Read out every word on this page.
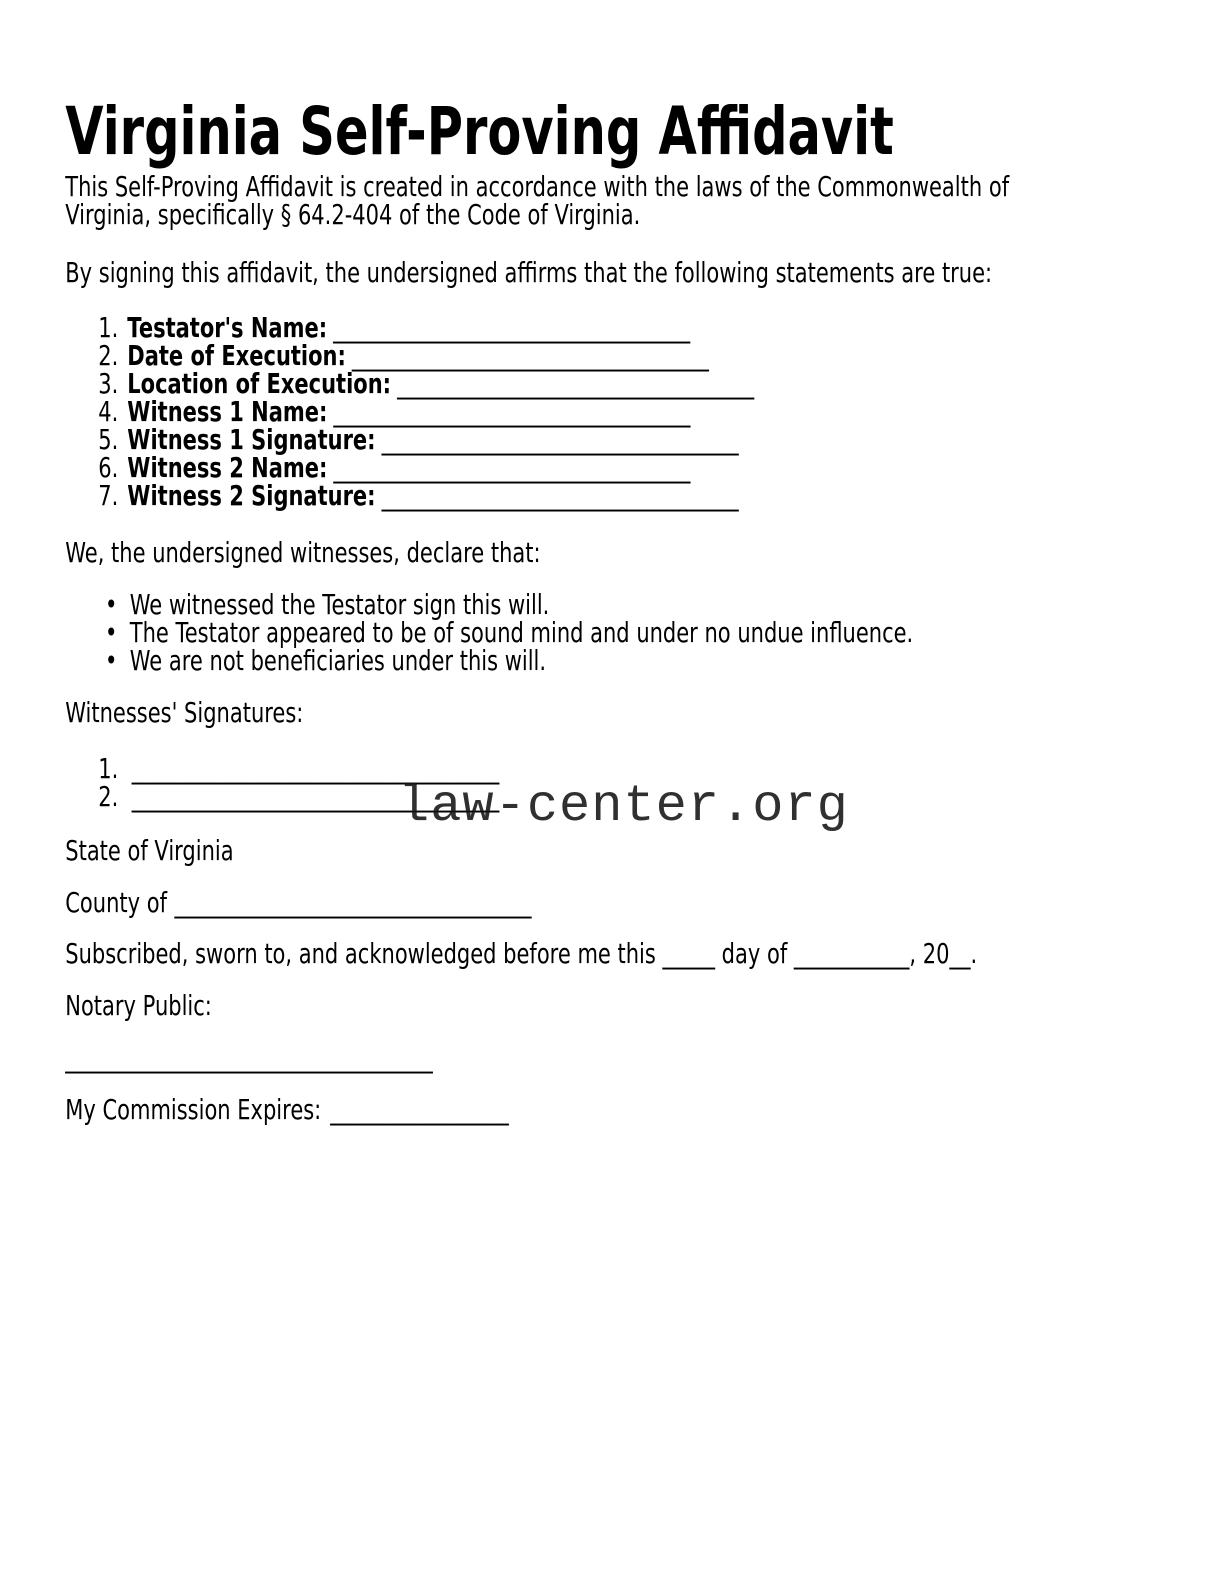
Virginia Self-Proving Affidavit

This Self-Proving Affidavit is created in accordance with the laws of the Commonwealth of
Virginia, specifically § 64.2-404 of the Code of Virginia.

By signing this affidavit, the undersigned affirms that the following statements are true:

1. Testator's Name: __________________________________
2. Date of Execution: __________________________________
3. Location of Execution: __________________________________
4. Witness 1 Name: __________________________________
5. Witness 1 Signature: __________________________________
6. Witness 2 Name: __________________________________
7. Witness 2 Signature: __________________________________

We, the undersigned witnesses, declare that:

• We witnessed the Testator sign this will.
• The Testator appeared to be of sound mind and under no undue influence.
• We are not beneficiaries under this will.

Witnesses' Signatures:

1. ___________________________________
2. ___________________________________

State of Virginia

County of __________________________________

Subscribed, sworn to, and acknowledged before me this _____ day of ___________, 20__.

Notary Public:

___________________________________

My Commission Expires: _________________

law-center.org
